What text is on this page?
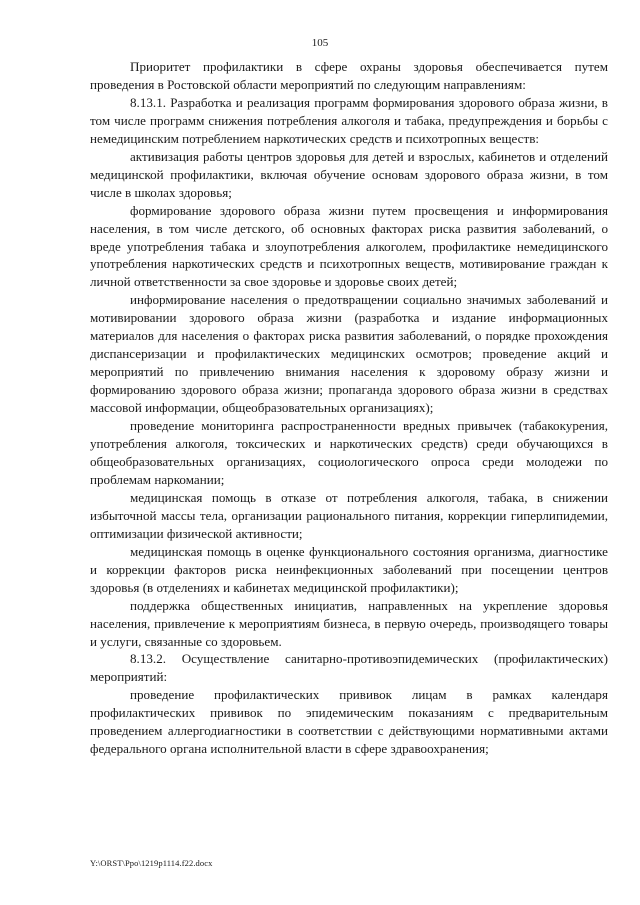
105

Приоритет профилактики в сфере охраны здоровья обеспечивается путем проведения в Ростовской области мероприятий по следующим направлениям:

8.13.1. Разработка и реализация программ формирования здорового образа жизни, в том числе программ снижения потребления алкоголя и табака, предупреждения и борьбы с немедицинским потреблением наркотических средств и психотропных веществ:

активизация работы центров здоровья для детей и взрослых, кабинетов и отделений медицинской профилактики, включая обучение основам здорового образа жизни, в том числе в школах здоровья;

формирование здорового образа жизни путем просвещения и информирования населения, в том числе детского, об основных факторах риска развития заболеваний, о вреде употребления табака и злоупотребления алкоголем, профилактике немедицинского употребления наркотических средств и психотропных веществ, мотивирование граждан к личной ответственности за свое здоровье и здоровье своих детей;

информирование населения о предотвращении социально значимых заболеваний и мотивировании здорового образа жизни (разработка и издание информационных материалов для населения о факторах риска развития заболеваний, о порядке прохождения диспансеризации и профилактических медицинских осмотров; проведение акций и мероприятий по привлечению внимания населения к здоровому образу жизни и формированию здорового образа жизни; пропаганда здорового образа жизни в средствах массовой информации, общеобразовательных организациях);

проведение мониторинга распространенности вредных привычек (табакокурения, употребления алкоголя, токсических и наркотических средств) среди обучающихся в общеобразовательных организациях, социологического опроса среди молодежи по проблемам наркомании;

медицинская помощь в отказе от потребления алкоголя, табака, в снижении избыточной массы тела, организации рационального питания, коррекции гиперлипидемии, оптимизации физической активности;

медицинская помощь в оценке функционального состояния организма, диагностике и коррекции факторов риска неинфекционных заболеваний при посещении центров здоровья (в отделениях и кабинетах медицинской профилактики);

поддержка общественных инициатив, направленных на укрепление здоровья населения, привлечение к мероприятиям бизнеса, в первую очередь, производящего товары и услуги, связанные со здоровьем.

8.13.2. Осуществление санитарно-противоэпидемических (профилактических) мероприятий:

проведение профилактических прививок лицам в рамках календаря профилактических прививок по эпидемическим показаниям с предварительным проведением аллергодиагностики в соответствии с действующими нормативными актами федерального органа исполнительной власти в сфере здравоохранения;

Y:\ORST\Ppo\1219p1114.f22.docx
